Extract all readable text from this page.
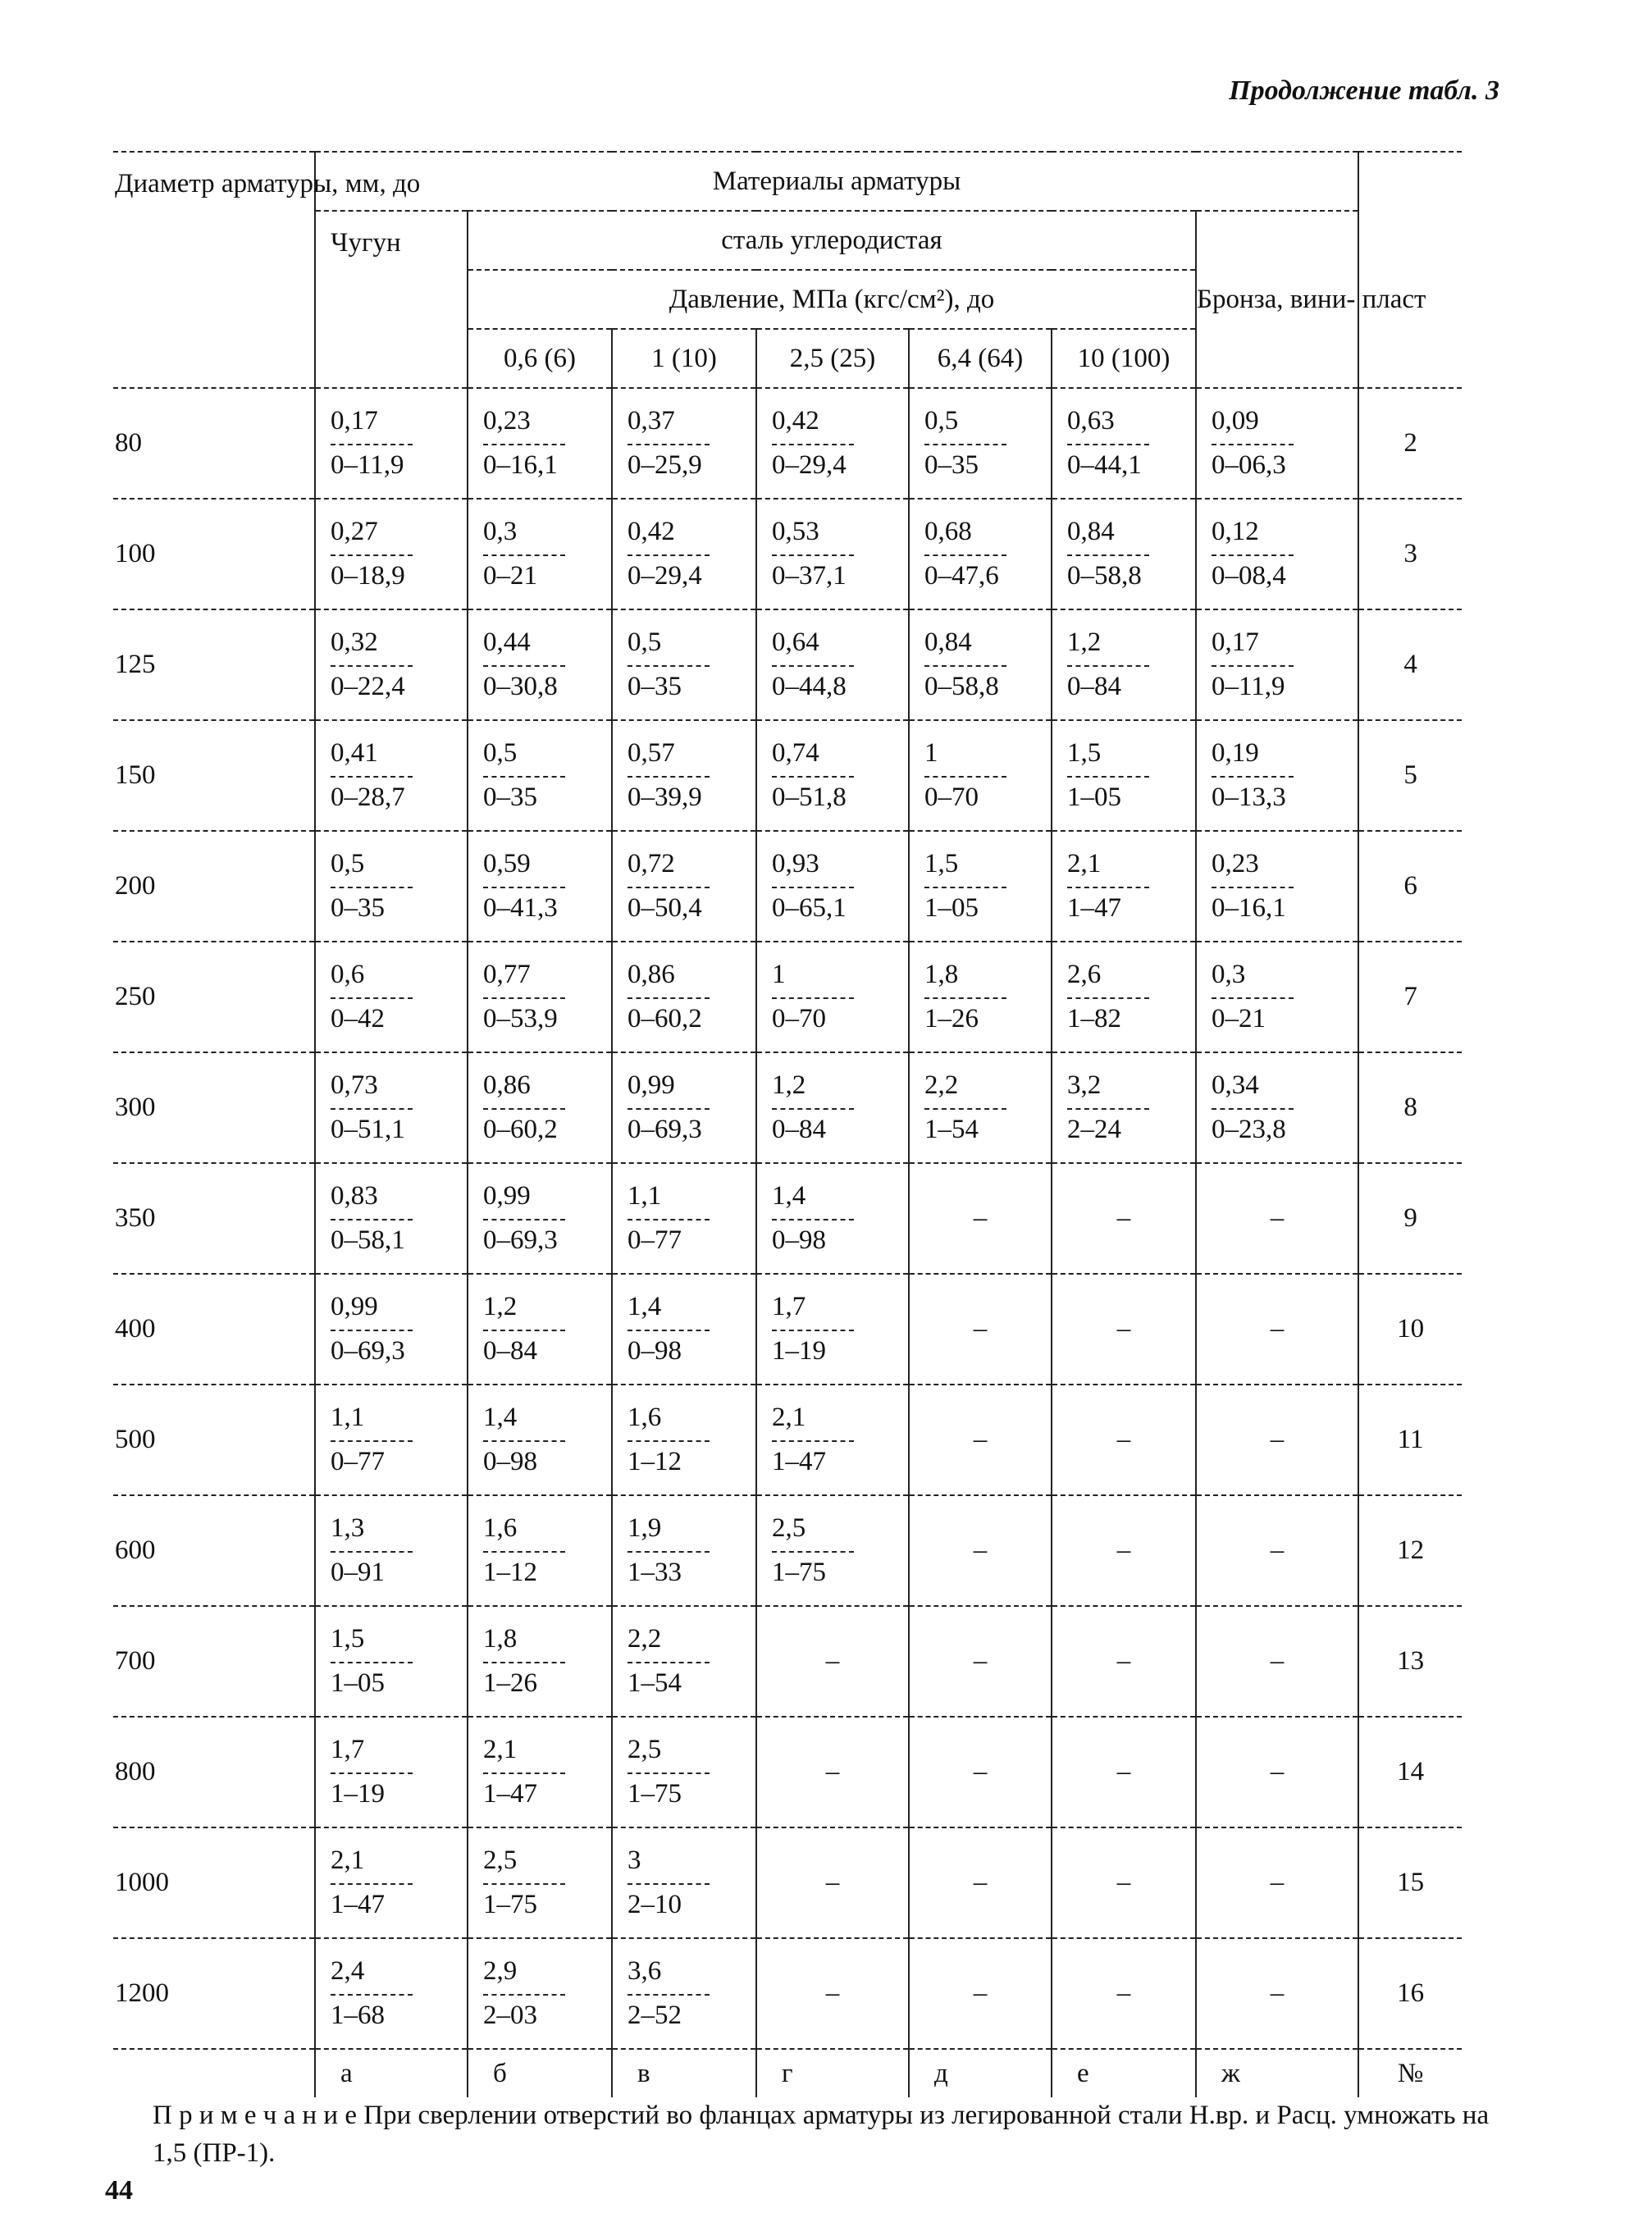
Продолжение табл. 3
Диаметр арматуры, мм, до	Материалы арматуры							
	Чугун	сталь углеродистая					Бронза, вини- пласт	
		Давление, МПа (кгс/см²), до						
		0,6 (6)	1 (10)	2,5 (25)	6,4 (64)	10 (100)		
80	$\frac{0,17}{0-11,9}$	$\frac{0,23}{0-16,1}$	$\frac{0,37}{0-25,9}$	$\frac{0,42}{0-29,4}$	$\frac{0,5}{0-35}$	$\frac{0,63}{0-44,1}$	$\frac{0,09}{0-06,3}$	2
100	$\frac{0,27}{0-18,9}$	$\frac{0,3}{0-21}$	$\frac{0,42}{0-29,4}$	$\frac{0,53}{0-37,1}$	$\frac{0,68}{0-47,6}$	$\frac{0,84}{0-58,8}$	$\frac{0,12}{0-08,4}$	3
125	$\frac{0,32}{0-22,4}$	$\frac{0,44}{0-30,8}$	$\frac{0,5}{0-35}$	$\frac{0,64}{0-44,8}$	$\frac{0,84}{0-58,8}$	$\frac{1,2}{0-84}$	$\frac{0,17}{0-11,9}$	4
150	$\frac{0,41}{0-28,7}$	$\frac{0,5}{0-35}$	$\frac{0,57}{0-39,9}$	$\frac{0,74}{0-51,8}$	$\frac{1}{0-70}$	$\frac{1,5}{1-05}$	$\frac{0,19}{0-13,3}$	5
200	$\frac{0,5}{0-35}$	$\frac{0,59}{0-41,3}$	$\frac{0,72}{0-50,4}$	$\frac{0,93}{0-65,1}$	$\frac{1,5}{1-05}$	$\frac{2,1}{1-47}$	$\frac{0,23}{0-16,1}$	6
250	$\frac{0,6}{0-42}$	$\frac{0,77}{0-53,9}$	$\frac{0,86}{0-60,2}$	$\frac{1}{0-70}$	$\frac{1,8}{1-26}$	$\frac{2,6}{1-82}$	$\frac{0,3}{0-21}$	7
300	$\frac{0,73}{0-51,1}$	$\frac{0,86}{0-60,2}$	$\frac{0,99}{0-69,3}$	$\frac{1,2}{0-84}$	$\frac{2,2}{1-54}$	$\frac{3,2}{2-24}$	$\frac{0,34}{0-23,8}$	8
350	$\frac{0,83}{0-58,1}$	$\frac{0,99}{0-69,3}$	$\frac{1,1}{0-77}$	$\frac{1,4}{0-98}$	–	–	–	9
400	$\frac{0,99}{0-69,3}$	$\frac{1,2}{0-84}$	$\frac{1,4}{0-98}$	$\frac{1,7}{1-19}$	–	–	–	10
500	$\frac{1,1}{0-77}$	$\frac{1,4}{0-98}$	$\frac{1,6}{1-12}$	$\frac{2,1}{1-47}$	–	–	–	11
600	$\frac{1,3}{0-91}$	$\frac{1,6}{1-12}$	$\frac{1,9}{1-33}$	$\frac{2,5}{1-75}$	–	–	–	12
700	$\frac{1,5}{1-05}$	$\frac{1,8}{1-26}$	$\frac{2,2}{1-54}$	–	–	–	–	13
800	$\frac{1,7}{1-19}$	$\frac{2,1}{1-47}$	$\frac{2,5}{1-75}$	–	–	–	–	14
1000	$\frac{2,1}{1-47}$	$\frac{2,5}{1-75}$	$\frac{3}{2-10}$	–	–	–	–	15
1200	$\frac{2,4}{1-68}$	$\frac{2,9}{2-03}$	$\frac{3,6}{2-52}$	–	–	–	–	16
	а	б	в	г	д	е	ж	№
П р и м е ч а н и е При сверлении отверстий во фланцах арматуры из легированной стали Н.вр. и Расц. умножать на 1,5 (ПР-1).
44
